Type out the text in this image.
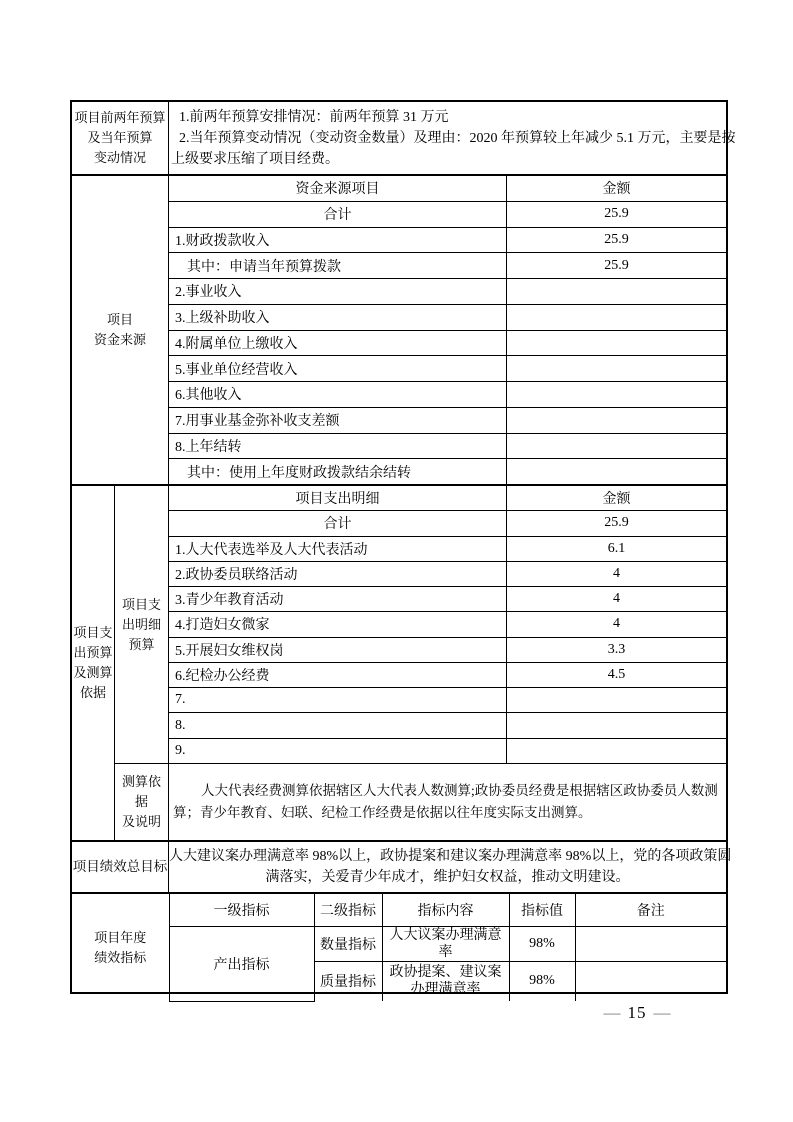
项目前两年预算
及当年预算
变动情况
1.前两年预算安排情况：前两年预算 31 万元
2.当年预算变动情况（变动资金数量）及理由：2020 年预算较上年减少 5.1 万元，主要是按
上级要求压缩了项目经费。
项目
资金来源
资金来源项目	金额
合计	25.9
1.财政拨款收入	25.9
其中：申请当年预算拨款	25.9
2.事业收入
3.上级补助收入
4.附属单位上缴收入
5.事业单位经营收入
6.其他收入
7.用事业基金弥补收支差额
8.上年结转
其中：使用上年度财政拨款结余结转
项目支
出预算
及测算
依据
项目支
出明细
预算
项目支出明细	金额
合计	25.9
1.人大代表选举及人大代表活动	6.1
2.政协委员联络活动	4
3.青少年教育活动	4
4.打造妇女微家	4
5.开展妇女维权岗	3.3
6.纪检办公经费	4.5
7.
8.
9.
测算依
据
及说明
人大代表经费测算依据辖区人大代表人数测算;政协委员经费是根据辖区政协委员人数测
算；青少年教育、妇联、纪检工作经费是依据以往年度实际支出测算。
项目绩效总目标
人大建议案办理满意率 98%以上，政协提案和建议案办理满意率 98%以上，党的各项政策圆
满落实，关爱青少年成才，维护妇女权益，推动文明建设。
项目年度
绩效指标	一级指标	二级指标	指标内容	指标值	备注
	产出指标	数量指标	人大议案办理满意率	98%	
		质量指标	政协提案、建议案办理满意率	98%	
— 15 —
